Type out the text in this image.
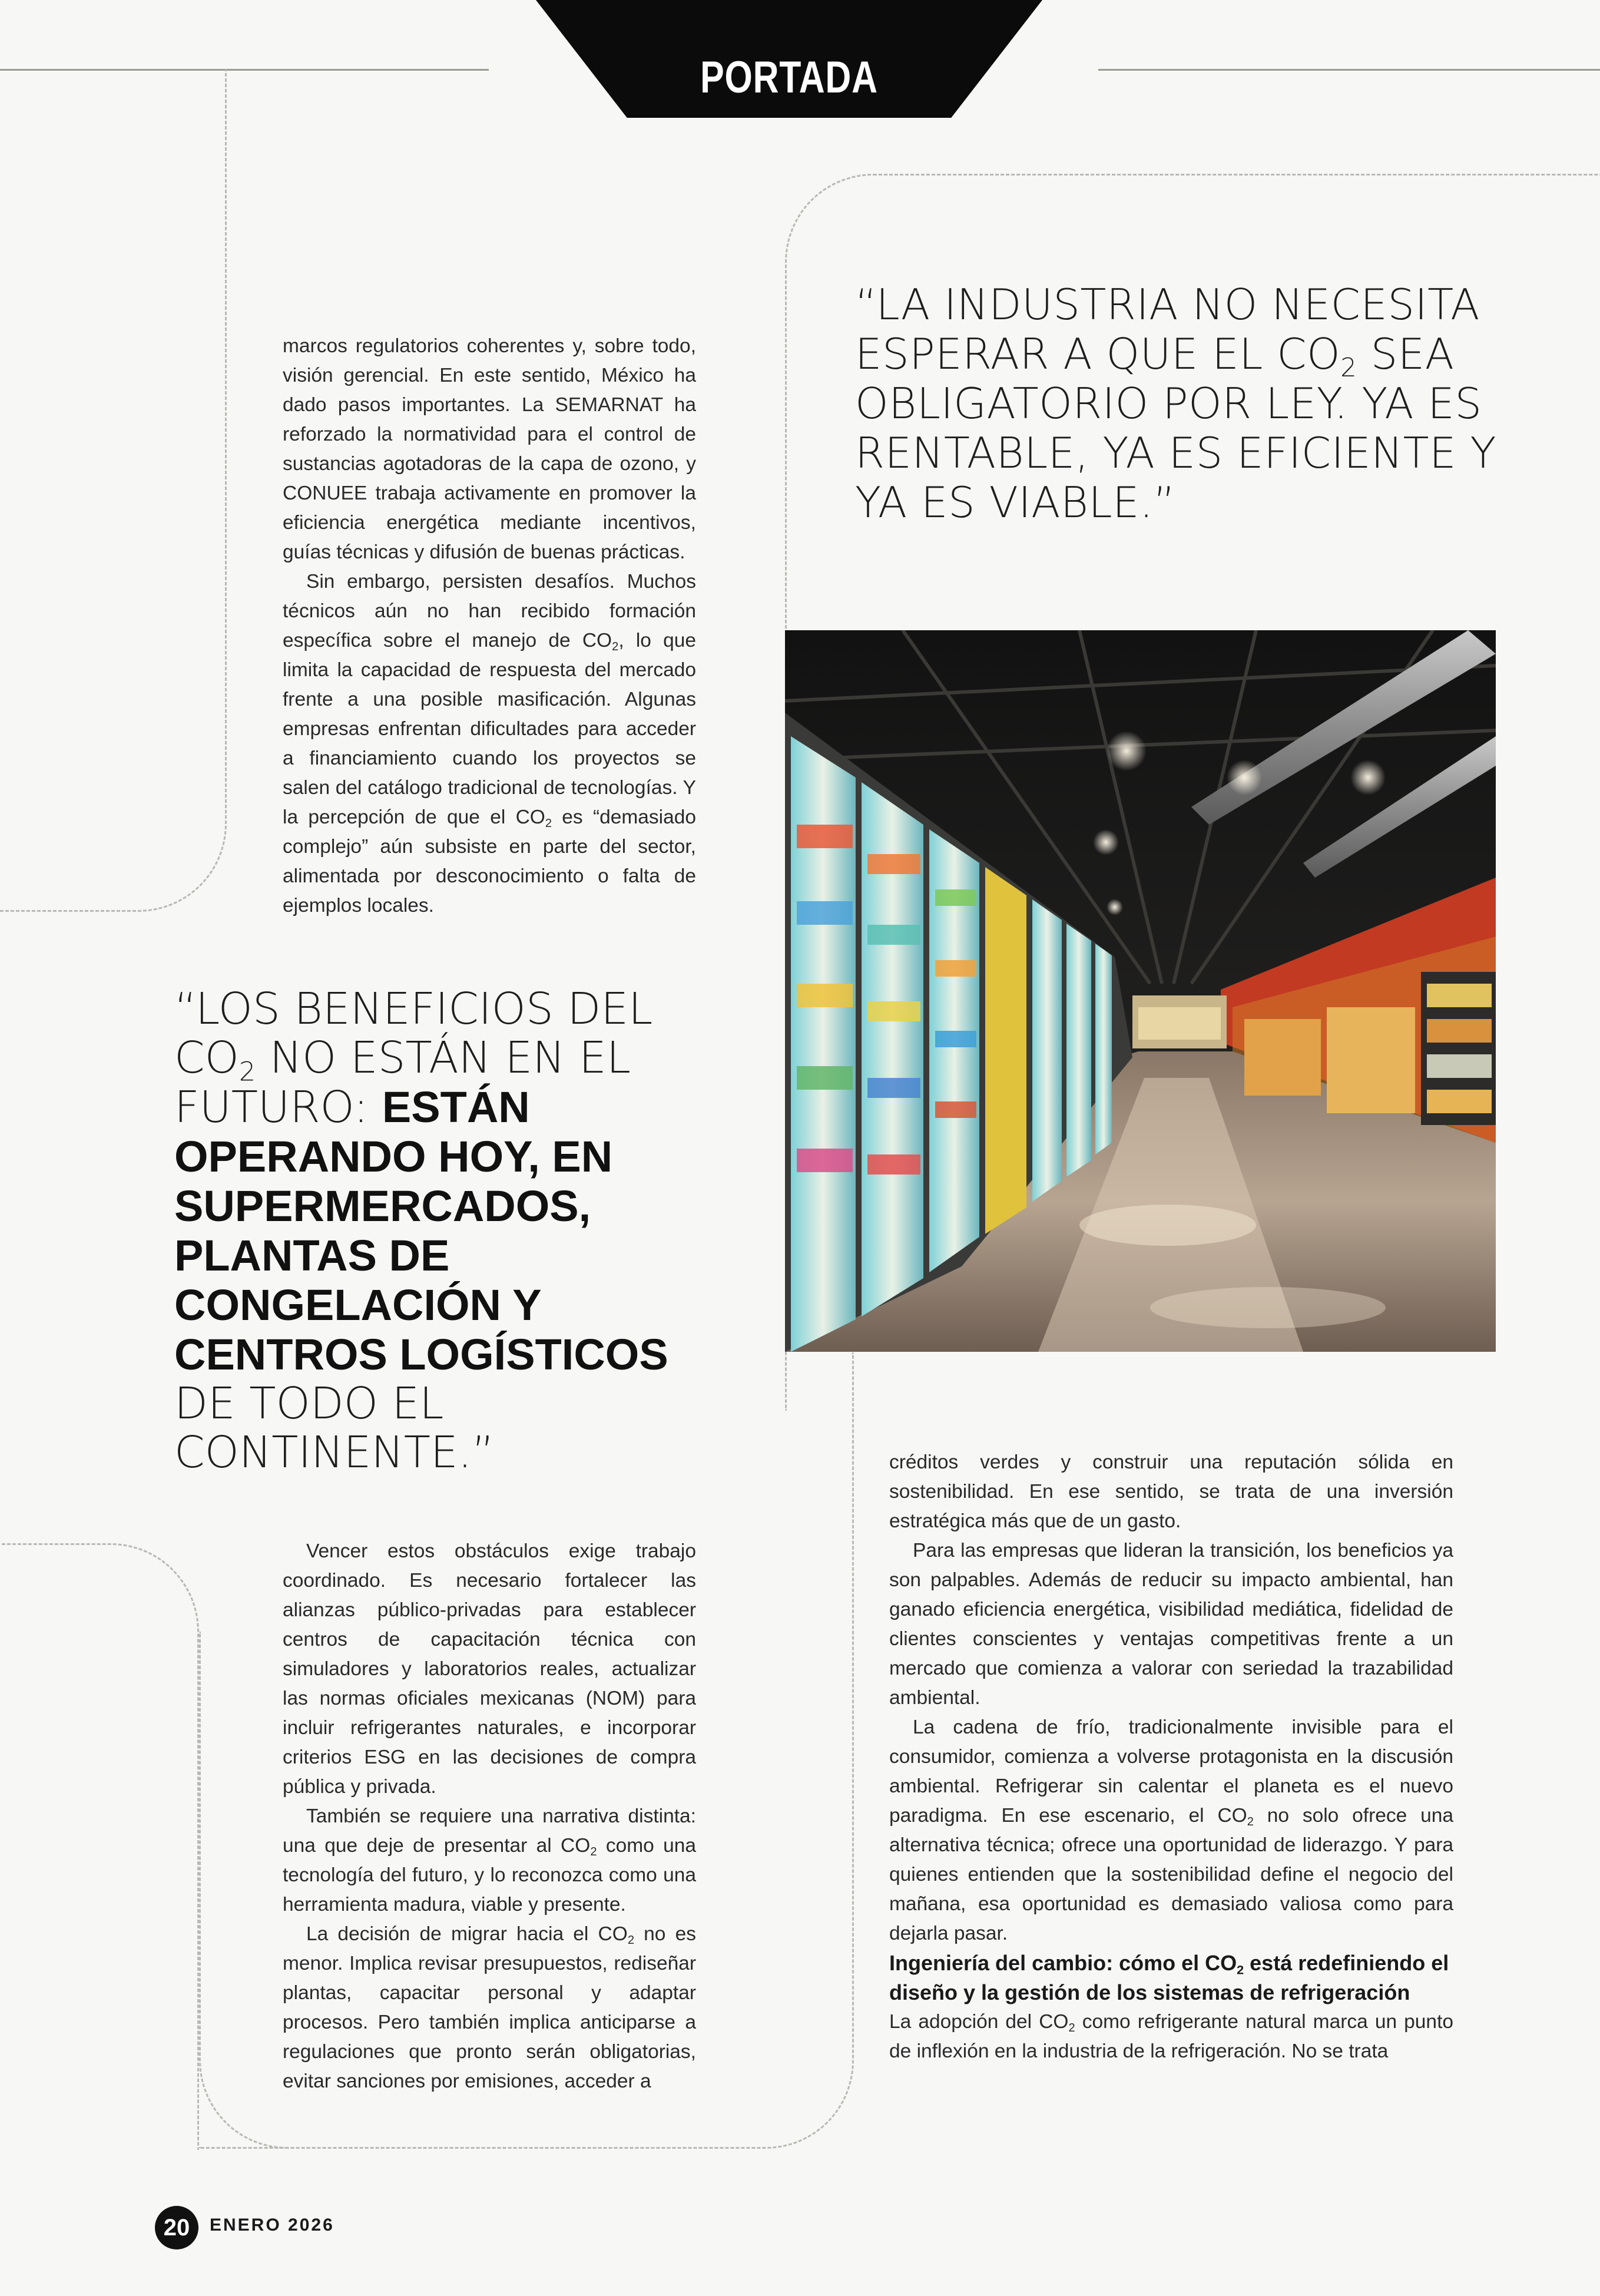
PORTADA
“LA INDUSTRIA NO NECESITA ESPERAR A QUE EL $CO_2$ SEA OBLIGATORIO POR LEY. YA ES RENTABLE, YA ES EFICIENTE Y YA ES VIABLE.”

marcos regulatorios coherentes y, sobre todo, visión gerencial. En este sentido, México ha dado pasos importantes. La SEMARNAT ha reforzado la normatividad para el control de sustancias agotadoras de la capa de ozono, y CONUEE trabaja activamente en promover la eficiencia energética mediante incentivos, guías técnicas y difusión de buenas prácticas.

Sin embargo, persisten desafíos. Muchos técnicos aún no han recibido formación específica sobre el manejo de $CO_2$, lo que limita la capacidad de respuesta del mercado frente a una posible masificación. Algunas empresas enfrentan dificultades para acceder a financiamiento cuando los proyectos se salen del catálogo tradicional de tecnologías. Y la percepción de que el $CO_2$ es “demasiado complejo” aún subsiste en parte del sector, alimentada por desconocimiento o falta de ejemplos locales.

“LOS BENEFICIOS DEL $CO_2$ NO ESTÁN EN EL FUTURO: ESTÁN OPERANDO HOY, EN SUPERMERCADOS, PLANTAS DE CONGELACIÓN Y CENTROS LOGÍSTICOS DE TODO EL CONTINENTE.”

Vencer estos obstáculos exige trabajo coordinado. Es necesario fortalecer las alianzas público-privadas para establecer centros de capacitación técnica con simuladores y laboratorios reales, actualizar las normas oficiales mexicanas (NOM) para incluir refrigerantes naturales, e incorporar criterios ESG en las decisiones de compra pública y privada.

También se requiere una narrativa distinta: una que deje de presentar al $CO_2$ como una tecnología del futuro, y lo reconozca como una herramienta madura, viable y presente.

La decisión de migrar hacia el $CO_2$ no es menor. Implica revisar presupuestos, rediseñar plantas, capacitar personal y adaptar procesos. Pero también implica anticiparse a regulaciones que pronto serán obligatorias, evitar sanciones por emisiones, acceder a

créditos verdes y construir una reputación sólida en sostenibilidad. En ese sentido, se trata de una inversión estratégica más que de un gasto.

Para las empresas que lideran la transición, los beneficios ya son palpables. Además de reducir su impacto ambiental, han ganado eficiencia energética, visibilidad mediática, fidelidad de clientes conscientes y ventajas competitivas frente a un mercado que comienza a valorar con seriedad la trazabilidad ambiental.

La cadena de frío, tradicionalmente invisible para el consumidor, comienza a volverse protagonista en la discusión ambiental. Refrigerar sin calentar el planeta es el nuevo paradigma. En ese escenario, el $CO_2$ no solo ofrece una alternativa técnica; ofrece una oportunidad de liderazgo. Y para quienes entienden que la sostenibilidad define el negocio del mañana, esa oportunidad es demasiado valiosa como para dejarla pasar.

Ingeniería del cambio: cómo el $CO_2$ está redefiniendo el diseño y la gestión de los sistemas de refrigeración
La adopción del $CO_2$ como refrigerante natural marca un punto de inflexión en la industria de la refrigeración. No se trata
20	ENERO 2026
